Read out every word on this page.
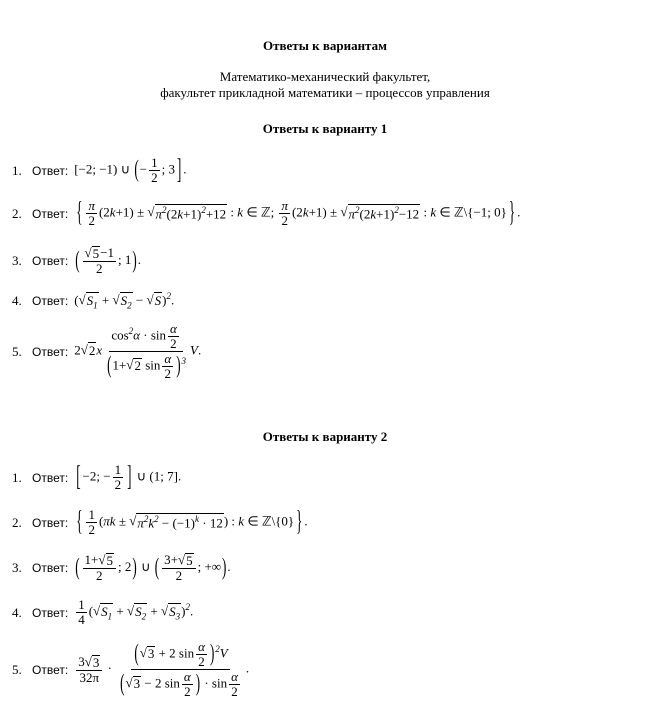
Ответы к вариантам
Математико-механический факультет,
факультет прикладной математики – процессов управления
Ответы к варианту 1
1. Ответ: [−2; −1) ∪ (− $\frac{1}{2}$ ; 3 ] .
2. Ответ: { $\frac{\pi}{2} (2k+1)$ ± √ $\pi^2(2k+1)^2+12$ : k ∈ ℤ; $\frac{\pi}{2} (2k+1)$ ± √ $\pi^2(2k+1)^2-12$ : k ∈ ℤ\{−1; 0} } .
3. Ответ: ( $\frac{√ 5 -1}{2}$ ; 1).
4. Ответ: ( √ $S_1$ + √ $S_2$ − √ S )$^2$.
5. Ответ: 2 √ 2 x $\frac{\cos^2\alpha \cdot \sin \frac{\alpha}{2}}{(1+ √ 2 \sin \frac{\alpha}{2} )^3} V$.
Ответы к варианту 2
1. Ответ: [ −2; − $\frac{1}{2}$ ] ∪ (1; 7].
2. Ответ: { $\frac{1}{2} (\pi k$ ± √ $\pi^2k^2 - (-1)^k \cdot 12$ ) : k ∈ ℤ\{0} } .
3. Ответ: ( $\frac{1+ √ 5}{2}$ ; 2) ∪ ( $\frac{3+ √ 5}{2}$ ; +∞).
4. Ответ: $\frac{1}{4}$ ( √ $S_1$ + √ $S_2$ + √ $S_3$ )$^2$.
5. Ответ: $\frac{3 √ 3}{32\pi} \cdot \frac{( √ 3 + 2 \sin \frac{\alpha}{2} )^2V}{( √ 3 - 2 \sin \frac{\alpha}{2} ) \cdot \sin \frac{\alpha}{2}}$ .
